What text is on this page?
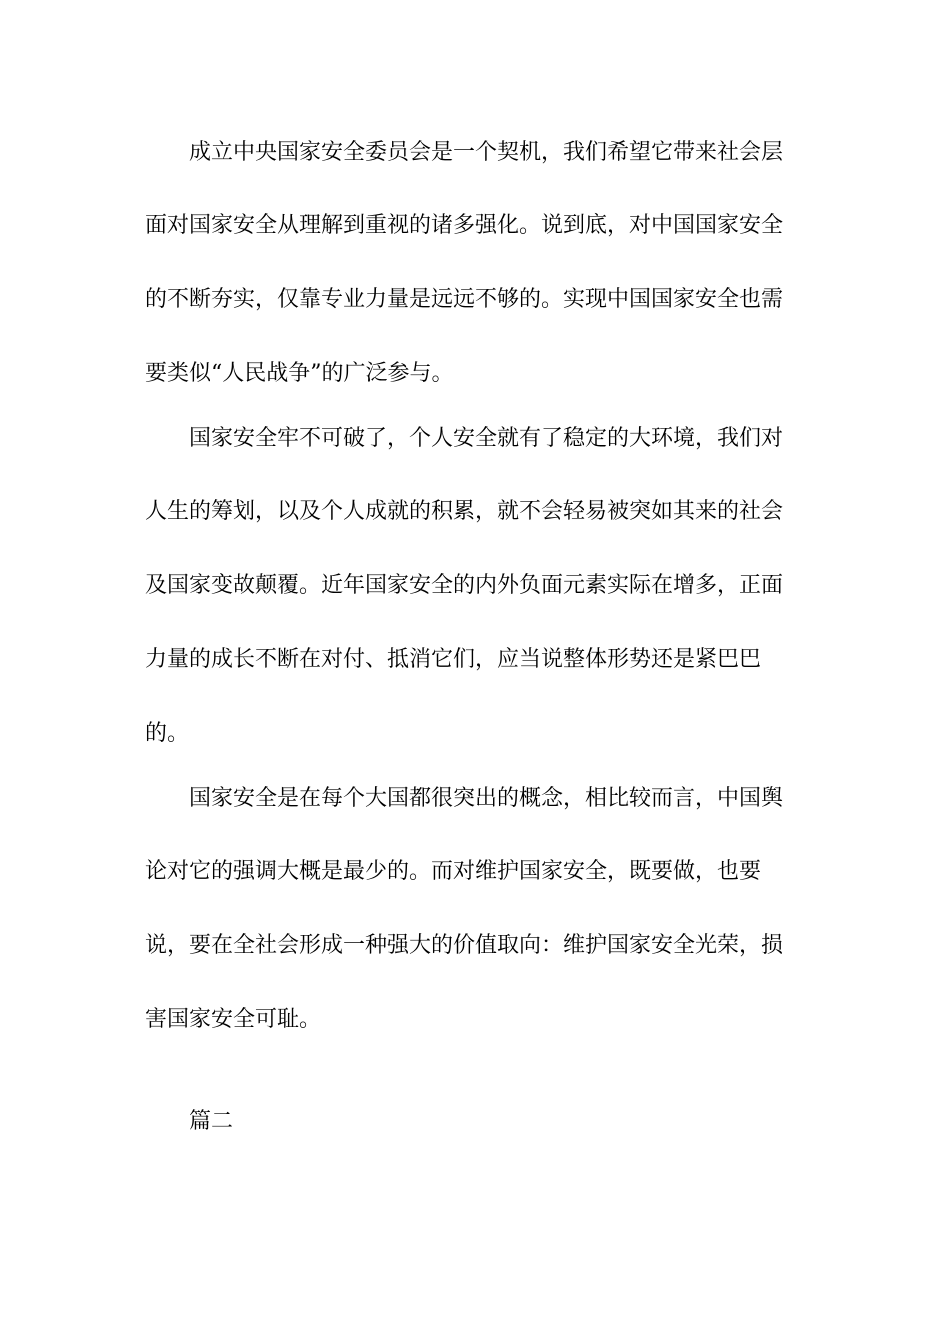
成立中央国家安全委员会是一个契机，我们希望它带来社会层
面对国家安全从理解到重视的诸多强化。说到底，对中国国家安全
的不断夯实，仅靠专业力量是远远不够的。实现中国国家安全也需
要类似“人民战争”的广泛参与。
国家安全牢不可破了，个人安全就有了稳定的大环境，我们对
人生的筹划，以及个人成就的积累，就不会轻易被突如其来的社会
及国家变故颠覆。近年国家安全的内外负面元素实际在增多，正面
力量的成长不断在对付、抵消它们，应当说整体形势还是紧巴巴
的。
国家安全是在每个大国都很突出的概念，相比较而言，中国舆
论对它的强调大概是最少的。而对维护国家安全，既要做，也要
说，要在全社会形成一种强大的价值取向：维护国家安全光荣，损
害国家安全可耻。
篇二
